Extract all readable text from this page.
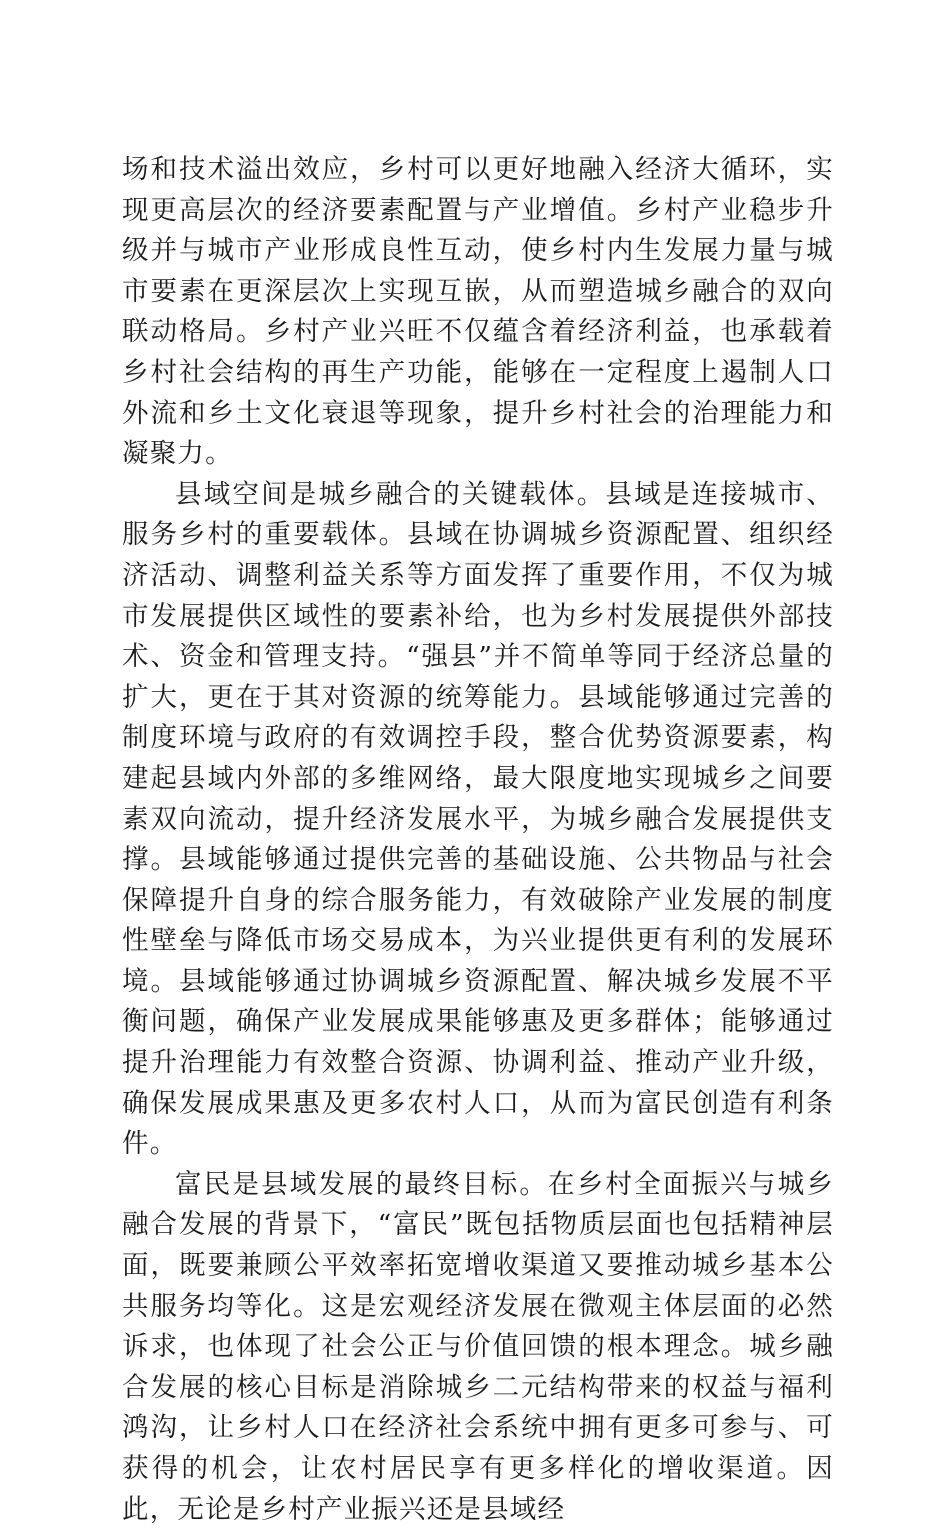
场和技术溢出效应，乡村可以更好地融入经济大循环，实现更高层次的经济要素配置与产业增值。乡村产业稳步升级并与城市产业形成良性互动，使乡村内生发展力量与城市要素在更深层次上实现互嵌，从而塑造城乡融合的双向联动格局。乡村产业兴旺不仅蕴含着经济利益，也承载着乡村社会结构的再生产功能，能够在一定程度上遏制人口外流和乡土文化衰退等现象，提升乡村社会的治理能力和凝聚力。

县域空间是城乡融合的关键载体。县域是连接城市、服务乡村的重要载体。县域在协调城乡资源配置、组织经济活动、调整利益关系等方面发挥了重要作用，不仅为城市发展提供区域性的要素补给，也为乡村发展提供外部技术、资金和管理支持。“强县”并不简单等同于经济总量的扩大，更在于其对资源的统筹能力。县域能够通过完善的制度环境与政府的有效调控手段，整合优势资源要素，构建起县域内外部的多维网络，最大限度地实现城乡之间要素双向流动，提升经济发展水平，为城乡融合发展提供支撑。县域能够通过提供完善的基础设施、公共物品与社会保障提升自身的综合服务能力，有效破除产业发展的制度性壁垒与降低市场交易成本，为兴业提供更有利的发展环境。县域能够通过协调城乡资源配置、解决城乡发展不平衡问题，确保产业发展成果能够惠及更多群体；能够通过提升治理能力有效整合资源、协调利益、推动产业升级，确保发展成果惠及更多农村人口，从而为富民创造有利条件。

富民是县域发展的最终目标。在乡村全面振兴与城乡融合发展的背景下，“富民”既包括物质层面也包括精神层面，既要兼顾公平效率拓宽增收渠道又要推动城乡基本公共服务均等化。这是宏观经济发展在微观主体层面的必然诉求，也体现了社会公正与价值回馈的根本理念。城乡融合发展的核心目标是消除城乡二元结构带来的权益与福利鸿沟，让乡村人口在经济社会系统中拥有更多可参与、可获得的机会，让农村居民享有更多样化的增收渠道。因此，无论是乡村产业振兴还是县域经
